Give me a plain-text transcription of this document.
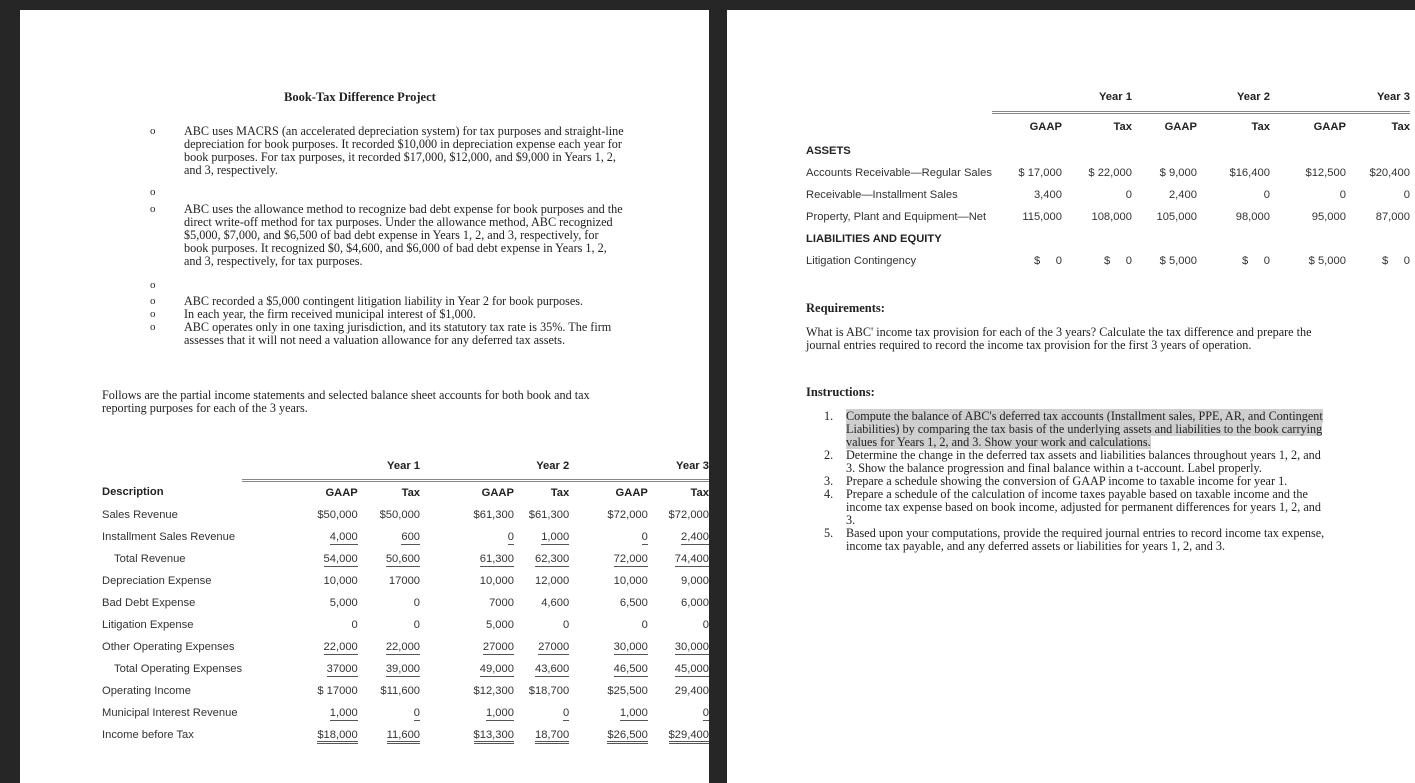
Book-Tax Difference Project
o ABC uses MACRS (an accelerated depreciation system) for tax purposes and straight-line depreciation for book purposes. It recorded $10,000 in depreciation expense each year for book purposes. For tax purposes, it recorded $17,000, $12,000, and $9,000 in Years 1, 2, and 3, respectively.
o
o ABC uses the allowance method to recognize bad debt expense for book purposes and the direct write-off method for tax purposes. Under the allowance method, ABC recognized $5,000, $7,000, and $6,500 of bad debt expense in Years 1, 2, and 3, respectively, for book purposes. It recognized $0, $4,600, and $6,000 of bad debt expense in Years 1, 2, and 3, respectively, for tax purposes.
o
o ABC recorded a $5,000 contingent litigation liability in Year 2 for book purposes.
o In each year, the firm received municipal interest of $1,000.
o ABC operates only in one taxing jurisdiction, and its statutory tax rate is 35%. The firm assesses that it will not need a valuation allowance for any deferred tax assets.
Follows are the partial income statements and selected balance sheet accounts for both book and tax reporting purposes for each of the 3 years.
	Year 1		Year 2		Year 3	
Description	GAAP	Tax	GAAP	Tax	GAAP	Tax
Sales Revenue	$50,000	$50,000	$61,300	$61,300	$72,000	$72,000
Installment Sales Revenue	4,000	600	0	1,000	0	2,400
Total Revenue	54,000	50,600	61,300	62,300	72,000	74,400
Depreciation Expense	10,000	17000	10,000	12,000	10,000	9,000
Bad Debt Expense	5,000	0	7000	4,600	6,500	6,000
Litigation Expense	0	0	5,000	0	0	0
Other Operating Expenses	22,000	22,000	27000	27000	30,000	30,000
Total Operating Expenses	37000	39,000	49,000	43,600	46,500	45,000
Operating Income	$ 17000	$11,600	$12,300	$18,700	$25,500	29,400
Municipal Interest Revenue	1,000	0	1,000	0	1,000	0
Income before Tax	$18,000	11,600	$13,300	18,700	$26,500	$29,400
	Year 1		Year 2		Year 3	
	GAAP	Tax	GAAP	Tax	GAAP	Tax
ASSETS						
Accounts Receivable—Regular Sales	$ 17,000	$ 22,000	$ 9,000	$16,400	$12,500	$20,400
Receivable—Installment Sales	3,400	0	2,400	0	0	0
Property, Plant and Equipment—Net	115,000	108,000	105,000	98,000	95,000	87,000
LIABILITIES AND EQUITY						
Litigation Contingency	$     0	$     0	$ 5,000	$     0	$ 5,000	$     0
Requirements:
What is ABC' income tax provision for each of the 3 years? Calculate the tax difference and prepare the journal entries required to record the income tax provision for the first 3 years of operation.
Instructions:
1. Compute the balance of ABC's deferred tax accounts (Installment sales, PPE, AR, and Contingent Liabilities) by comparing the tax basis of the underlying assets and liabilities to the book carrying values for Years 1, 2, and 3. Show your work and calculations.
2. Determine the change in the deferred tax assets and liabilities balances throughout years 1, 2, and 3. Show the balance progression and final balance within a t-account. Label properly.
3. Prepare a schedule showing the conversion of GAAP income to taxable income for year 1.
4. Prepare a schedule of the calculation of income taxes payable based on taxable income and the income tax expense based on book income, adjusted for permanent differences for years 1, 2, and 3.
5. Based upon your computations, provide the required journal entries to record income tax expense, income tax payable, and any deferred assets or liabilities for years 1, 2, and 3.
